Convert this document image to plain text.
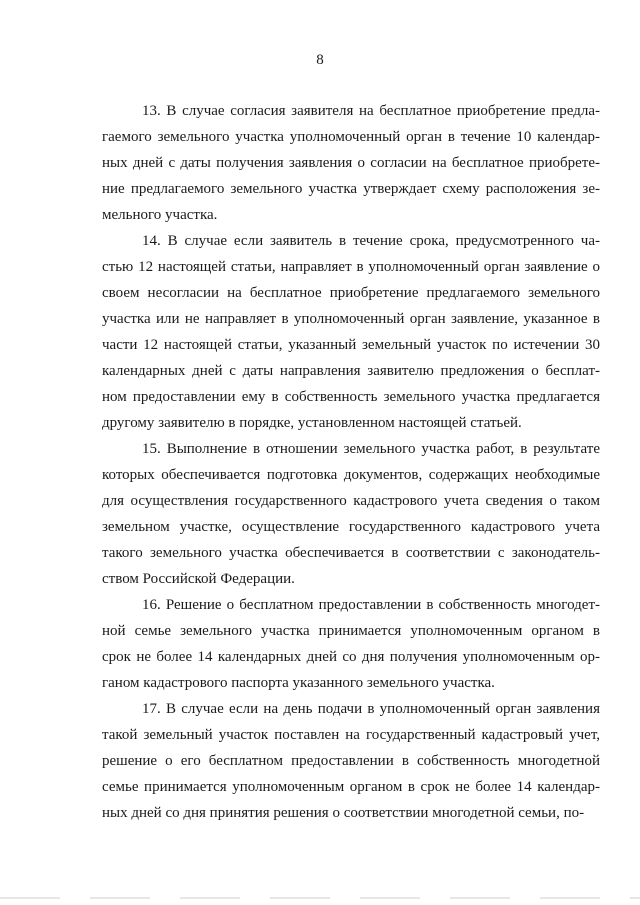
8
13. В случае согласия заявителя на бесплатное приобретение предла-
гаемого земельного участка уполномоченный орган в течение 10 календар-
ных дней с даты получения заявления о согласии на бесплатное приобрете-
ние предлагаемого земельного участка утверждает схему расположения зе-
мельного участка.
14. В случае если заявитель в течение срока, предусмотренного ча-
стью 12 настоящей статьи, направляет в уполномоченный орган заявление о
своем несогласии на бесплатное приобретение предлагаемого земельного
участка или не направляет в уполномоченный орган заявление, указанное в
части 12 настоящей статьи, указанный земельный участок по истечении 30
календарных дней с даты направления заявителю предложения о бесплат-
ном предоставлении ему в собственность земельного участка предлагается
другому заявителю в порядке, установленном настоящей статьей.
15. Выполнение в отношении земельного участка работ, в результате
которых обеспечивается подготовка документов, содержащих необходимые
для осуществления государственного кадастрового учета сведения о таком
земельном участке, осуществление государственного кадастрового учета
такого земельного участка обеспечивается в соответствии с законодатель-
ством Российской Федерации.
16. Решение о бесплатном предоставлении в собственность многодет-
ной семье земельного участка принимается уполномоченным органом в
срок не более 14 календарных дней со дня получения уполномоченным ор-
ганом кадастрового паспорта указанного земельного участка.
17. В случае если на день подачи в уполномоченный орган заявления
такой земельный участок поставлен на государственный кадастровый учет,
решение о его бесплатном предоставлении в собственность многодетной
семье принимается уполномоченным органом в срок не более 14 календар-
ных дней со дня принятия решения о соответствии многодетной семьи, по-
